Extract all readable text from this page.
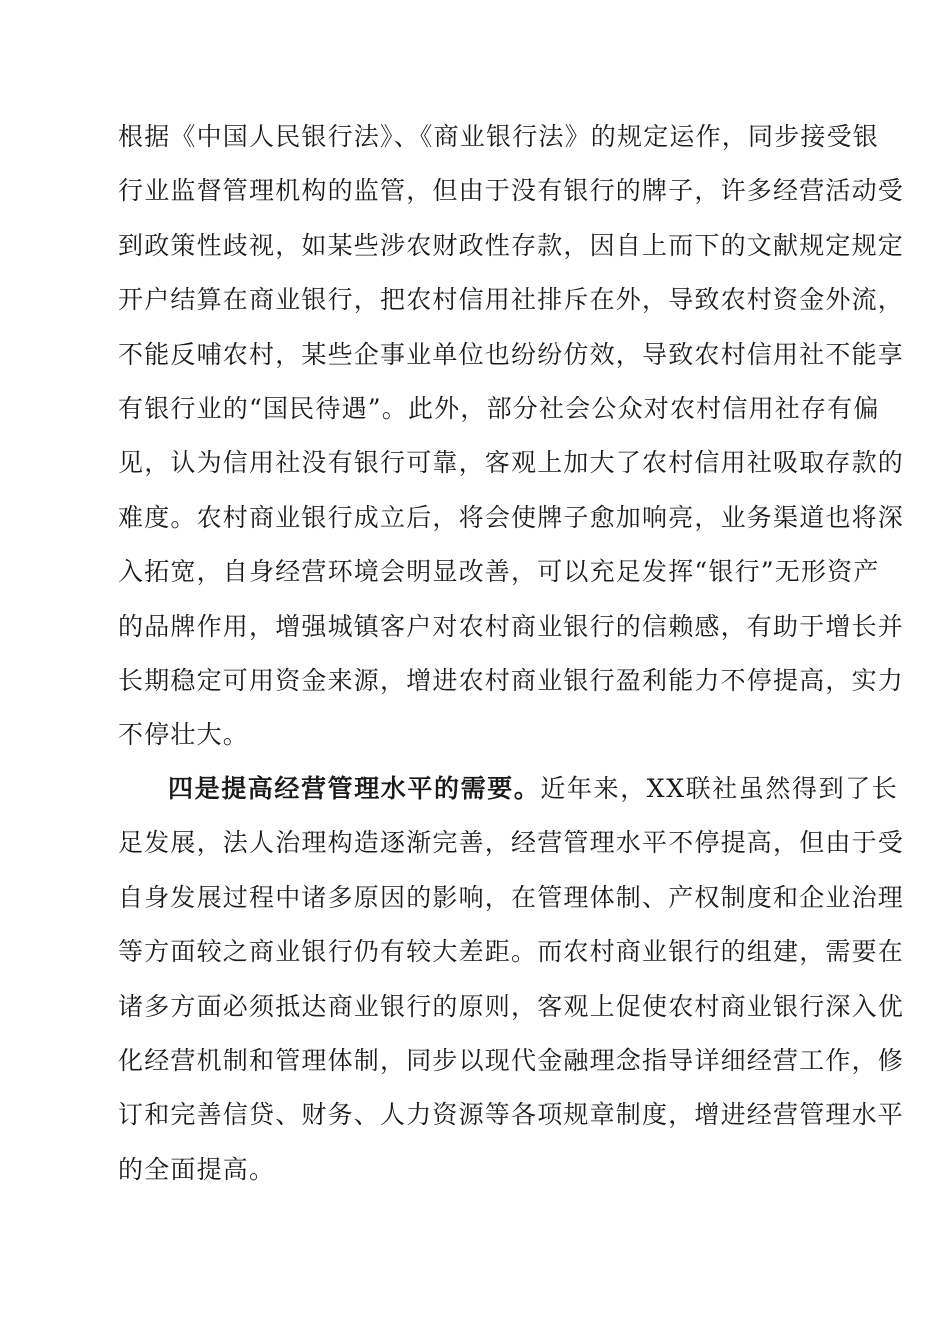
根据《中国人民银行法》、《商业银行法》的规定运作，同步接受银
行业监督管理机构的监管，但由于没有银行的牌子，许多经营活动受
到政策性歧视，如某些涉农财政性存款，因自上而下的文献规定规定
开户结算在商业银行，把农村信用社排斥在外，导致农村资金外流，
不能反哺农村，某些企事业单位也纷纷仿效，导致农村信用社不能享
有银行业的“国民待遇”。此外，部分社会公众对农村信用社存有偏
见，认为信用社没有银行可靠，客观上加大了农村信用社吸取存款的
难度。农村商业银行成立后，将会使牌子愈加响亮，业务渠道也将深
入拓宽，自身经营环境会明显改善，可以充足发挥“银行”无形资产
的品牌作用，增强城镇客户对农村商业银行的信赖感，有助于增长并
长期稳定可用资金来源，增进农村商业银行盈利能力不停提高，实力
不停壮大。
四是提高经营管理水平的需要。近年来，XX联社虽然得到了长
足发展，法人治理构造逐渐完善，经营管理水平不停提高，但由于受
自身发展过程中诸多原因的影响，在管理体制、产权制度和企业治理
等方面较之商业银行仍有较大差距。而农村商业银行的组建，需要在
诸多方面必须抵达商业银行的原则，客观上促使农村商业银行深入优
化经营机制和管理体制，同步以现代金融理念指导详细经营工作，修
订和完善信贷、财务、人力资源等各项规章制度，增进经营管理水平
的全面提高。
